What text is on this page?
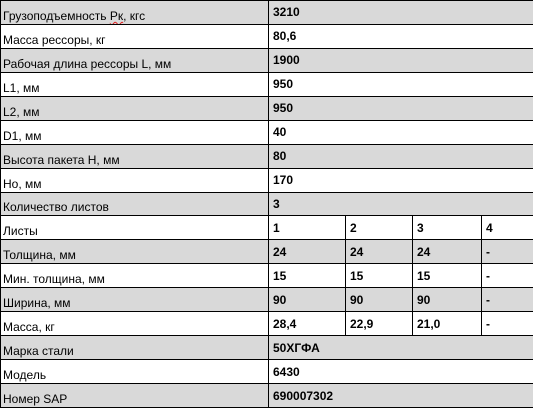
Грузоподъемность Рк, кгс	3210			
Масса рессоры, кг	80,6			
Рабочая длина рессоры L, мм	1900			
L1, мм	950			
L2, мм	950			
D1, мм	40			
Высота пакета H, мм	80			
Hо, мм	170			
Количество листов	3			
Листы	1	2	3	4
Толщина, мм	24	24	24	-
Мин. толщина, мм	15	15	15	-
Ширина, мм	90	90	90	-
Масса, кг	28,4	22,9	21,0	-
Марка стали	50ХГФА			
Модель	6430			
Номер SAP	690007302			
